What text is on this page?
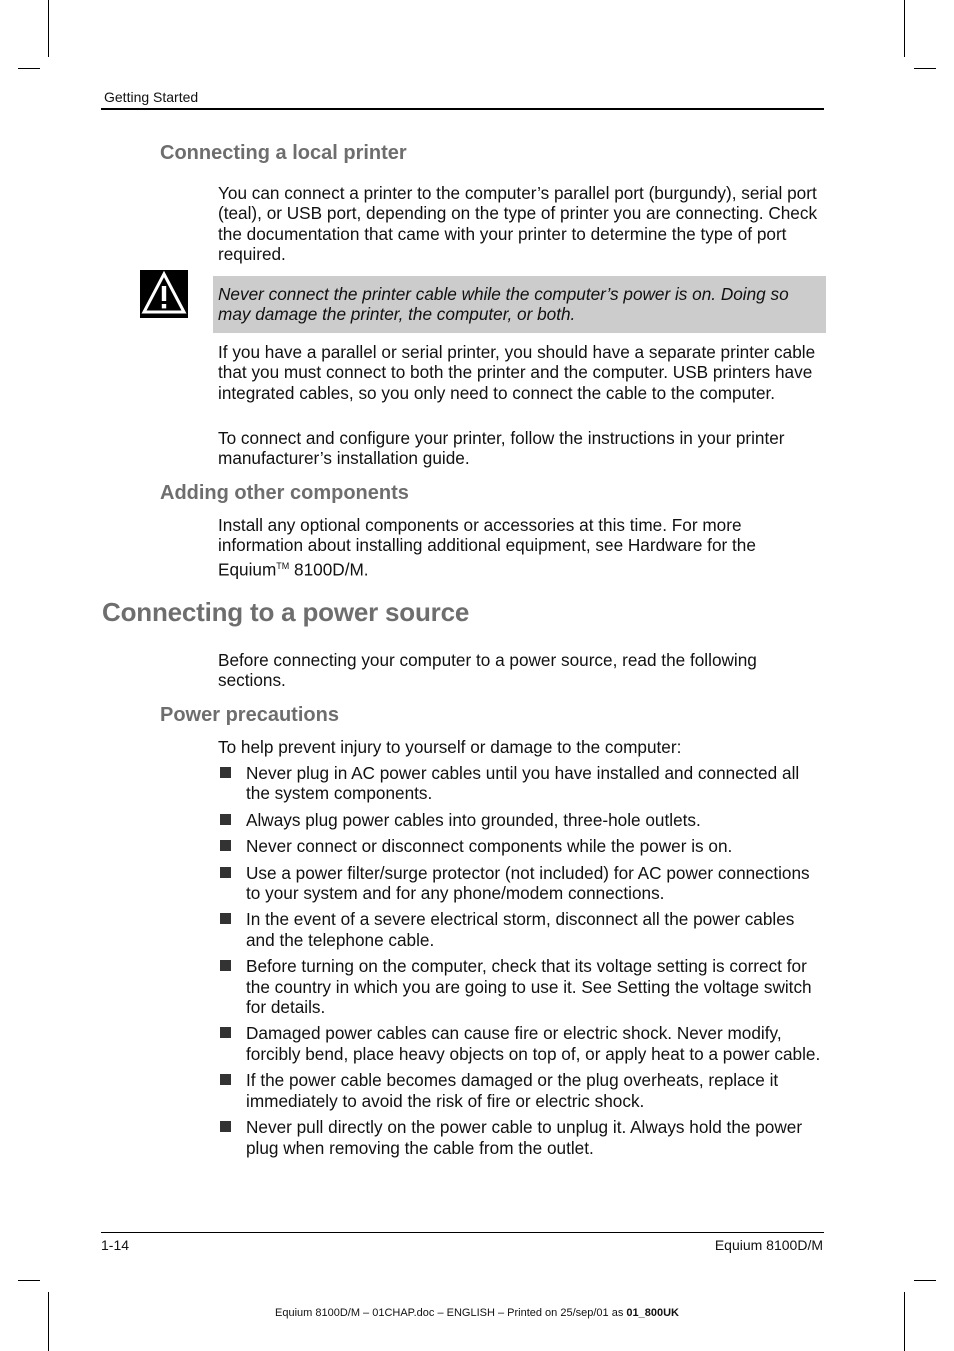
Getting Started
Connecting a local printer

You can connect a printer to the computer’s parallel port (burgundy), serial port (teal), or USB port, depending on the type of printer you are connecting. Check the documentation that came with your printer to determine the type of port required.

Never connect the printer cable while the computer’s power is on. Doing so may damage the printer, the computer, or both.

If you have a parallel or serial printer, you should have a separate printer cable that you must connect to both the printer and the computer. USB printers have integrated cables, so you only need to connect the cable to the computer.

To connect and configure your printer, follow the instructions in your printer manufacturer’s installation guide.

Adding other components

Install any optional components or accessories at this time. For more information about installing additional equipment, see Hardware for the Equium™ 8100D/M.

Connecting to a power source

Before connecting your computer to a power source, read the following sections.

Power precautions

To help prevent injury to yourself or damage to the computer:

Never plug in AC power cables until you have installed and connected all the system components.
Always plug power cables into grounded, three-hole outlets.
Never connect or disconnect components while the power is on.
Use a power filter/surge protector (not included) for AC power connections to your system and for any phone/modem connections.
In the event of a severe electrical storm, disconnect all the power cables and the telephone cable.
Before turning on the computer, check that its voltage setting is correct for the country in which you are going to use it. See Setting the voltage switch for details.
Damaged power cables can cause fire or electric shock. Never modify, forcibly bend, place heavy objects on top of, or apply heat to a power cable.
If the power cable becomes damaged or the plug overheats, replace it immediately to avoid the risk of fire or electric shock.
Never pull directly on the power cable to unplug it. Always hold the power plug when removing the cable from the outlet.
1-14	Equium 8100D/M
Equium 8100D/M – 01CHAP.doc – ENGLISH – Printed on 25/sep/01 as 01_800UK
